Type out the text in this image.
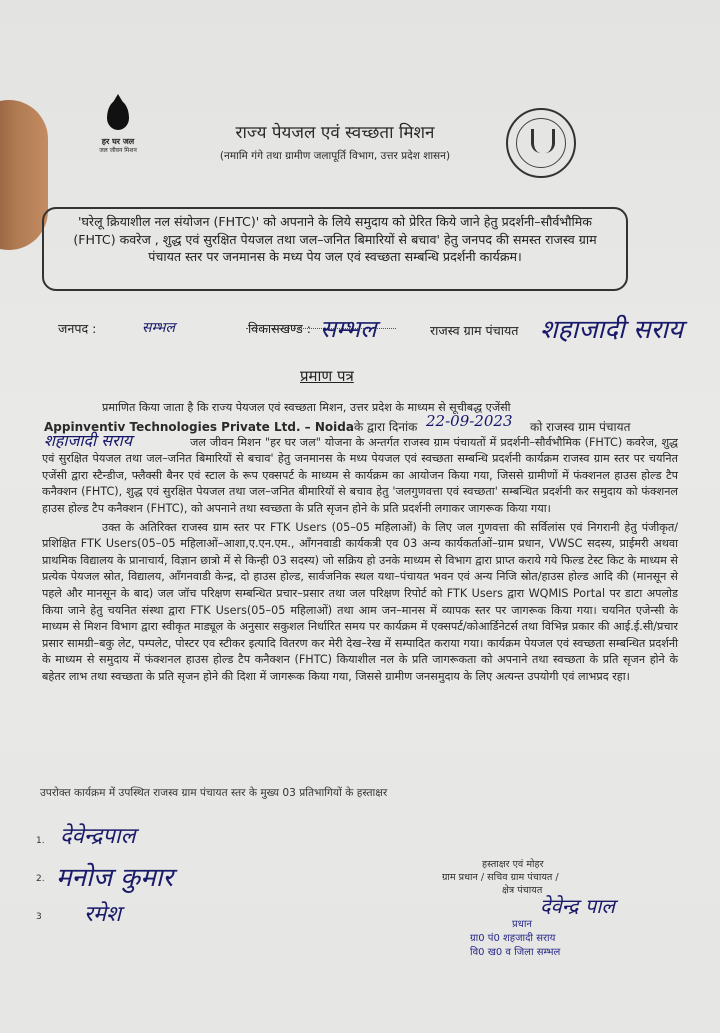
हर घर जल
जल जीवन मिशन
राज्य पेयजल एवं स्वच्छता मिशन
(नमामि गंगे तथा ग्रामीण जलापूर्ति विभाग, उत्तर प्रदेश शासन)
'घरेलू क्रियाशील नल संयोजन (FHTC)' को अपनाने के लिये समुदाय को प्रेरित किये जाने हेतु प्रदर्शनी–सौर्वभौमिक (FHTC) कवरेज , शुद्ध एवं सुरक्षित पेयजल तथा जल–जनित बिमारियों से बचाव' हेतु जनपद की समस्त राजस्व ग्राम पंचायत स्तर पर जनमानस के मध्य पेय जल एवं स्वच्छता सम्बन्धि प्रदर्शनी कार्यक्रम।
जनपद :	सम्भल	विकासखण्ड : सम्भल	राजस्व ग्राम पंचायत शहाजादी सराय
प्रमाण पत्र

प्रमाणित किया जाता है कि राज्य पेयजल एवं स्वच्छता मिशन, उत्तर प्रदेश के माध्यम से सूचीबद्ध एजेंसी

Appinventiv Technologies Private Ltd. – Noida के द्वारा दिनांक 22-09-2023 को राजस्व ग्राम पंचायत
शहाजादी सराय	जल जीवन मिशन "हर घर जल" योजना के अन्तर्गत राजस्व ग्राम पंचायतों में प्रदर्शनी–सौर्वभौमिक (FHTC) कवरेज, शुद्ध एवं सुरक्षित पेयजल तथा जल–जनित बिमारियों से बचाव' हेतु जनमानस के मध्य पेयजल एवं स्वच्छता सम्बन्धि प्रदर्शनी कार्यक्रम राजस्व ग्राम स्तर पर चयनित एजेंसी द्वारा स्टैन्डीज, फ्लैक्सी बैनर एवं स्टाल के रूप एक्सपर्ट के माध्यम से कार्यक्रम का आयोजन किया गया, जिससे ग्रामीणों में फंक्शनल हाउस होल्ड टैप कनैक्शन (FHTC), शुद्ध एवं सुरक्षित पेयजल तथा जल–जनित बीमारियों से बचाव हेतु 'जलगुणवत्ता एवं स्वच्छता' सम्बन्धित प्रदर्शनी कर समुदाय को फंक्शनल हाउस होल्ड टैप कनैक्शन (FHTC), को अपनाने तथा स्वच्छता के प्रति सृजन होने के प्रति प्रदर्शनी लगाकर जागरूक किया गया।

उक्त के अतिरिक्त राजस्व ग्राम स्तर पर FTK Users (05–05 महिलाओं) के लिए जल गुणवत्ता की सर्विलांस एवं निगरानी हेतु पंजीकृत/प्रशिक्षित FTK Users(05–05 महिलाओं–आशा,ए.एन.एम., आँगनवाडी कार्यकत्री एव 03 अन्य कार्यकर्ताओं–ग्राम प्रधान, VWSC सदस्य, प्राईमरी अथवा प्राथमिक विद्यालय के प्रानाचार्य, विज्ञान छात्रो में से किन्ही 03 सदस्य) जो सक्रिय हो उनके माध्यम से विभाग द्वारा प्राप्त कराये गये फिल्ड टेस्ट किट के माध्यम से प्रत्येक पेयजल स्रोत, विद्यालय, आँगनवाडी केन्द्र, दो हाउस होल्ड, सार्वजनिक स्थल यथा–पंचायत भवन एवं अन्य निजि स्रोत/हाउस होल्ड आदि की (मानसून से पहले और मानसून के बाद) जल जॉच परिक्षण सम्बन्धित प्रचार–प्रसार तथा जल परिक्षण रिपोर्ट को FTK Users द्वारा WQMIS Portal पर डाटा अपलोड किया जाने हेतु चयनित संस्था द्वारा FTK Users(05–05 महिलाओं) तथा आम जन–मानस में व्यापक स्तर पर जागरूक किया गया। चयनित एजेन्सी के माध्यम से मिशन विभाग द्वारा स्वीकृत माड्यूल के अनुसार सकुशल निर्धारित समय पर कार्यक्रम में एक्सपर्ट/कोआर्डिनेटर्स तथा विभिन्न प्रकार की आई.ई.सी/प्रचार प्रसार सामग्री–बकु लेट, पम्पलेट, पोस्टर एव स्टीकर इत्यादि वितरण कर मेरी देख–रेख में सम्पादित कराया गया। कार्यक्रम पेयजल एवं स्वच्छता सम्बन्धित प्रदर्शनी के माध्यम से समुदाय में फंक्शनल हाउस होल्ड टैप कनैक्शन (FHTC) कियाशील नल के प्रति जागरूकता को अपनाने तथा स्वच्छता के प्रति सृजन होने के बहेतर लाभ तथा स्वच्छता के प्रति सृजन होने की दिशा में जागरूक किया गया, जिससे ग्रामीण जनसमुदाय के लिए अत्यन्त उपयोगी एवं लाभप्रद रहा।

उपरोक्त कार्यक्रम में उपस्थित राजस्व ग्राम पंचायत स्तर के मुख्य 03 प्रतिभागियों के हस्ताक्षर
1. देवेन्द्रपाल
2. मनोज कुमार
3 रमेश
हस्ताक्षर एवं मोहर
ग्राम प्रधान / सचिव ग्राम पंचायत /
क्षेत्र पंचायत
देवेन्द्र पाल
प्रधान
ग्रा0 पं0 शहजादी सराय
वि0 ख0 व जिला सम्भल
